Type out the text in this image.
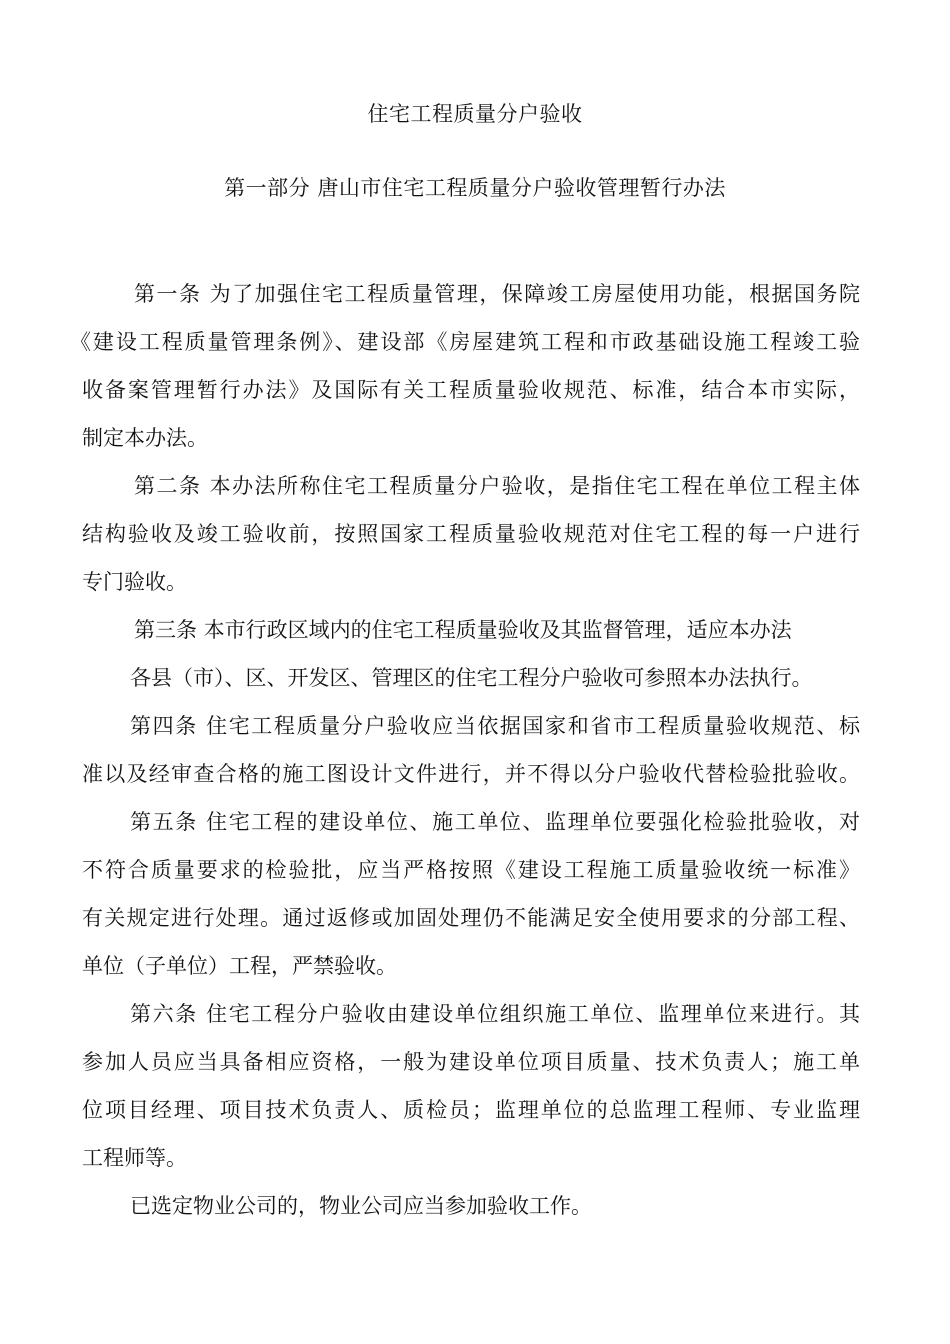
住宅工程质量分户验收
第一部分 唐山市住宅工程质量分户验收管理暂行办法
第一条 为了加强住宅工程质量管理，保障竣工房屋使用功能，根据国务院
《建设工程质量管理条例》、建设部《房屋建筑工程和市政基础设施工程竣工验
收备案管理暂行办法》及国际有关工程质量验收规范、标准，结合本市实际，
制定本办法。
第二条 本办法所称住宅工程质量分户验收，是指住宅工程在单位工程主体
结构验收及竣工验收前，按照国家工程质量验收规范对住宅工程的每一户进行
专门验收。
第三条 本市行政区域内的住宅工程质量验收及其监督管理，适应本办法
各县（市）、区、开发区、管理区的住宅工程分户验收可参照本办法执行。
第四条 住宅工程质量分户验收应当依据国家和省市工程质量验收规范、标
准以及经审查合格的施工图设计文件进行，并不得以分户验收代替检验批验收。
第五条 住宅工程的建设单位、施工单位、监理单位要强化检验批验收，对
不符合质量要求的检验批，应当严格按照《建设工程施工质量验收统一标准》
有关规定进行处理。通过返修或加固处理仍不能满足安全使用要求的分部工程、
单位（子单位）工程，严禁验收。
第六条 住宅工程分户验收由建设单位组织施工单位、监理单位来进行。其
参加人员应当具备相应资格，一般为建设单位项目质量、技术负责人；施工单
位项目经理、项目技术负责人、质检员；监理单位的总监理工程师、专业监理
工程师等。
已选定物业公司的，物业公司应当参加验收工作。
